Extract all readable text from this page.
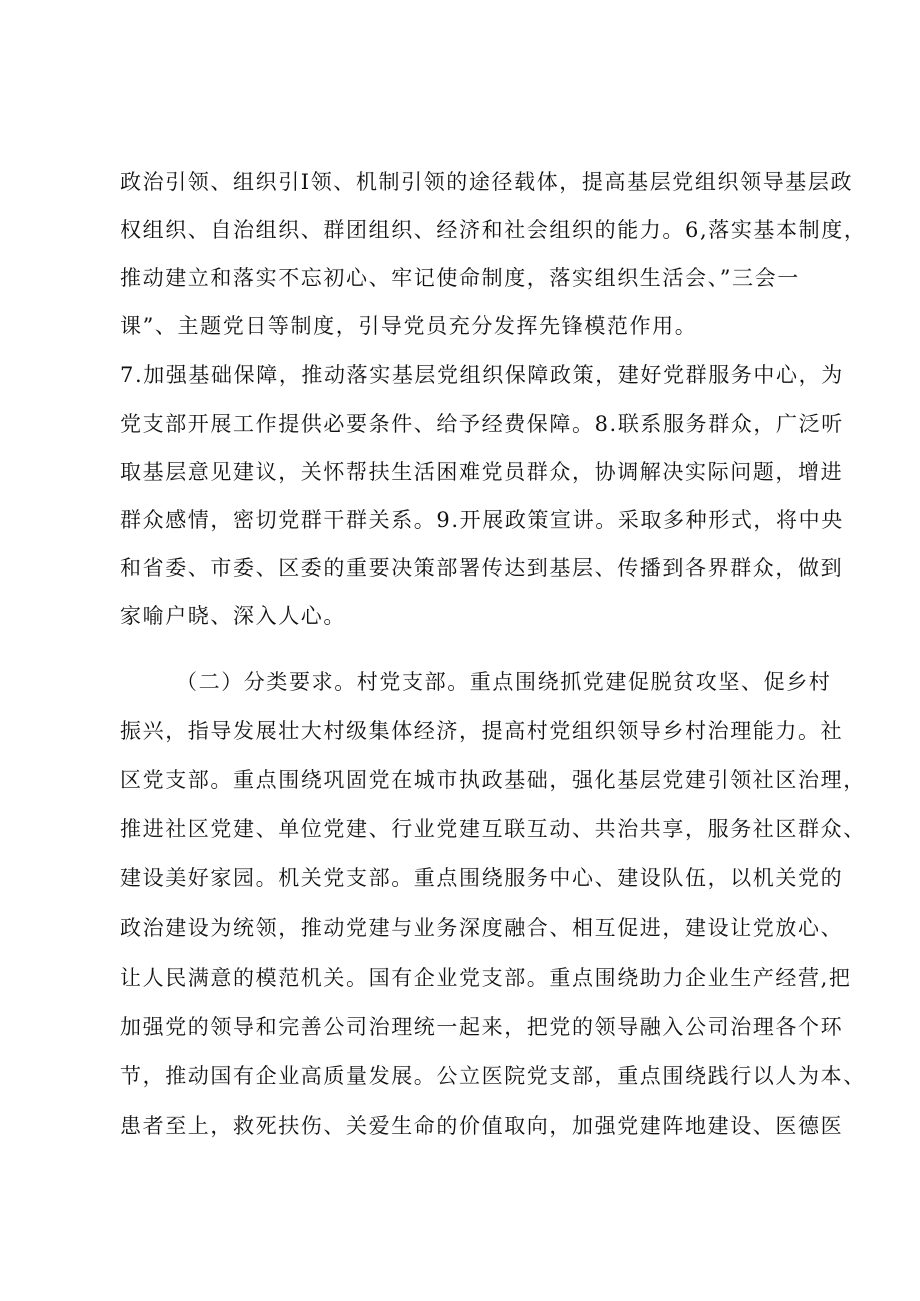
政治引领、组织引I领、机制引领的途径载体，提高基层党组织领导基层政
权组织、自治组织、群团组织、经济和社会组织的能力。6,落实基本制度，
推动建立和落实不忘初心、牢记使命制度，落实组织生活会、”三会一
课”、主题党日等制度，引导党员充分发挥先锋模范作用。
7.加强基础保障，推动落实基层党组织保障政策，建好党群服务中心，为
党支部开展工作提供必要条件、给予经费保障。8.联系服务群众，广泛听
取基层意见建议，关怀帮扶生活困难党员群众，协调解决实际问题，增进
群众感情，密切党群干群关系。9.开展政策宣讲。采取多种形式，将中央
和省委、市委、区委的重要决策部署传达到基层、传播到各界群众，做到
家喻户晓、深入人心。
（二）分类要求。村党支部。重点围绕抓党建促脱贫攻坚、促乡村
振兴，指导发展壮大村级集体经济，提高村党组织领导乡村治理能力。社
区党支部。重点围绕巩固党在城市执政基础，强化基层党建引领社区治理，
推进社区党建、单位党建、行业党建互联互动、共治共享，服务社区群众、
建设美好家园。机关党支部。重点围绕服务中心、建设队伍，以机关党的
政治建设为统领，推动党建与业务深度融合、相互促进，建设让党放心、
让人民满意的模范机关。国有企业党支部。重点围绕助力企业生产经营,把
加强党的领导和完善公司治理统一起来，把党的领导融入公司治理各个环
节，推动国有企业高质量发展。公立医院党支部，重点围绕践行以人为本、
患者至上，救死扶伤、关爱生命的价值取向，加强党建阵地建设、医德医
